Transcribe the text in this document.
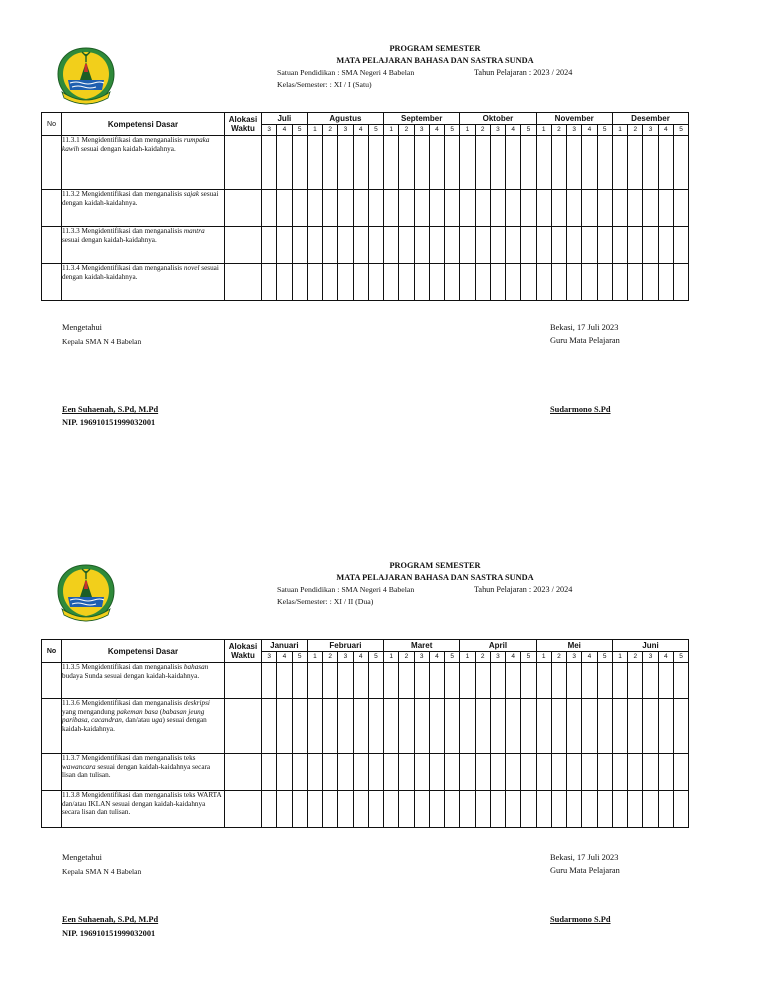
PROGRAM SEMESTER
MATA PELAJARAN BAHASA DAN SASTRA SUNDA
Satuan Pendidikan : SMA Negeri 4 Babelan	Tahun Pelajaran : 2023 / 2024
Kelas/Semester: : XI / I (Satu)
No	Kompetensi Dasar	Alokasi
Waktu	Juli			Agustus					September					Oktober					November					Desember				
			3	4	5	1	2	3	4	5	1	2	3	4	5	1	2	3	4	5	1	2	3	4	5	1	2	3	4	5
	11.3.1 Mengidentifikasi dan menganalisis rumpaka kawih sesuai dengan kaidah-kaidahnya.																													
	11.3.2 Mengidentifikasi dan menganalisis sajak sesuai dengan kaidah-kaidahnya.																													
	11.3.3 Mengidentifikasi dan menganalisis mantra sesuai dengan kaidah-kaidahnya.																													
	11.3.4 Mengidentifikasi dan menganalisis novel sesuai dengan kaidah-kaidahnya.																													
Mengetahui
Kepala SMA N 4 Babelan
Een Suhaenah, S.Pd, M.Pd
NIP. 196910151999032001
Bekasi, 17 Juli 2023
Guru Mata Pelajaran
Sudarmono S.Pd
PROGRAM SEMESTER
MATA PELAJARAN BAHASA DAN SASTRA SUNDA
Satuan Pendidikan : SMA Negeri 4 Babelan	Tahun Pelajaran : 2023 / 2024
Kelas/Semester: : XI / II (Dua)
No	Kompetensi Dasar	Alokasi
Waktu	Januari			Februari					Maret					April					Mei					Juni				
			3	4	5	1	2	3	4	5	1	2	3	4	5	1	2	3	4	5	1	2	3	4	5	1	2	3	4	5
	11.3.5 Mengidentifikasi dan menganalisis bahasan budaya Sunda sesuai dengan kaidah-kaidahnya.																													
	11.3.6 Mengidentifikasi dan menganalisis deskripsi yang mengandung pakeman basa (babasan jeung paribasa, cacandran, dan/atau uga) sesuai dengan kaidah-kaidahnya.																													
	11.3.7 Mengidentifikasi dan menganalisis teks wawancara sesuai dengan kaidah-kaidahnya secara lisan dan tulisan.																													
	11.3.8 Mengidentifikasi dan menganalisis teks WARTA dan/atau IKLAN sesuai dengan kaidah-kaidahnya secara lisan dan tulisan.																													
Mengetahui
Kepala SMA N 4 Babelan
Een Suhaenah, S.Pd, M.Pd
NIP. 196910151999032001
Bekasi, 17 Juli 2023
Guru Mata Pelajaran
Sudarmono S.Pd
